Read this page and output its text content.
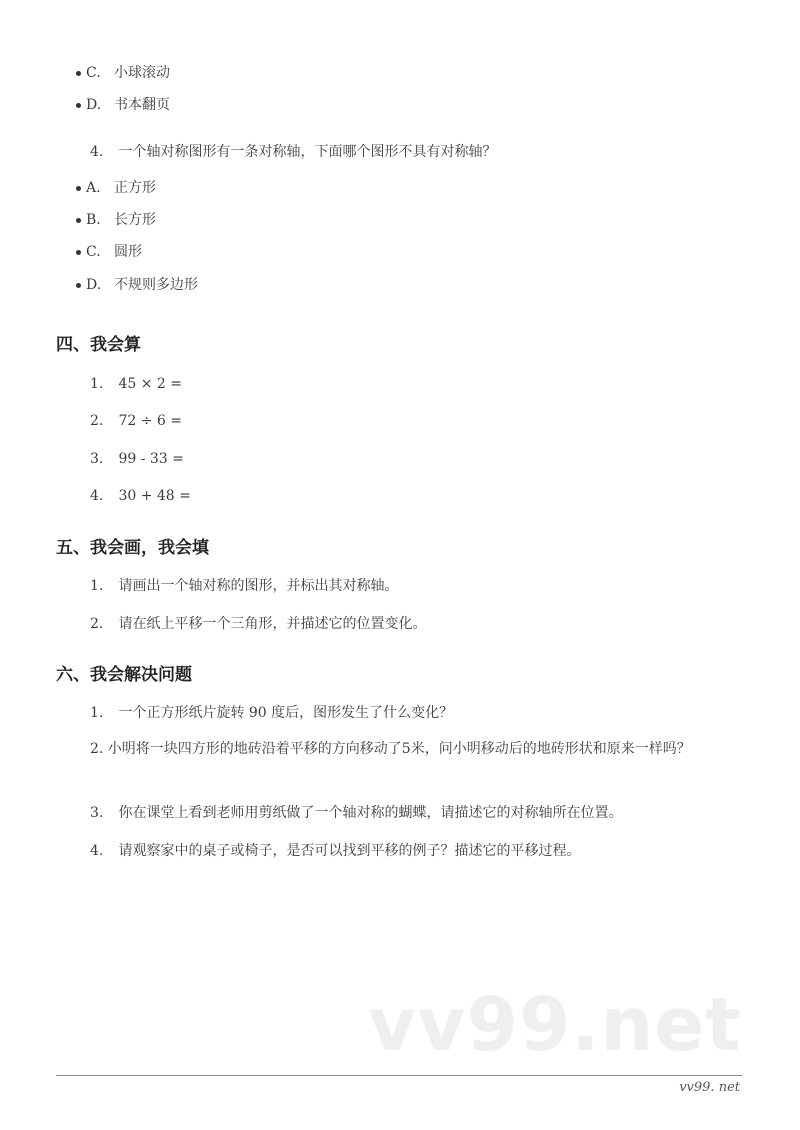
C. 小球滚动
D. 书本翻页
4. 一个轴对称图形有一条对称轴，下面哪个图形不具有对称轴？
A. 正方形
B. 长方形
C. 圆形
D. 不规则多边形
四、我会算
1. 45 × 2 =
2. 72 ÷ 6 =
3. 99 - 33 =
4. 30 + 48 =
五、我会画，我会填
1. 请画出一个轴对称的图形，并标出其对称轴。
2. 请在纸上平移一个三角形，并描述它的位置变化。
六、我会解决问题
1. 一个正方形纸片旋转 90 度后，图形发生了什么变化？
2. 小明将一块四方形的地砖沿着平移的方向移动了5米，问小明移动后的地砖形状和原来一样吗？
3. 你在课堂上看到老师用剪纸做了一个轴对称的蝴蝶，请描述它的对称轴所在位置。
4. 请观察家中的桌子或椅子，是否可以找到平移的例子？描述它的平移过程。
vv99.net
vv99. net
